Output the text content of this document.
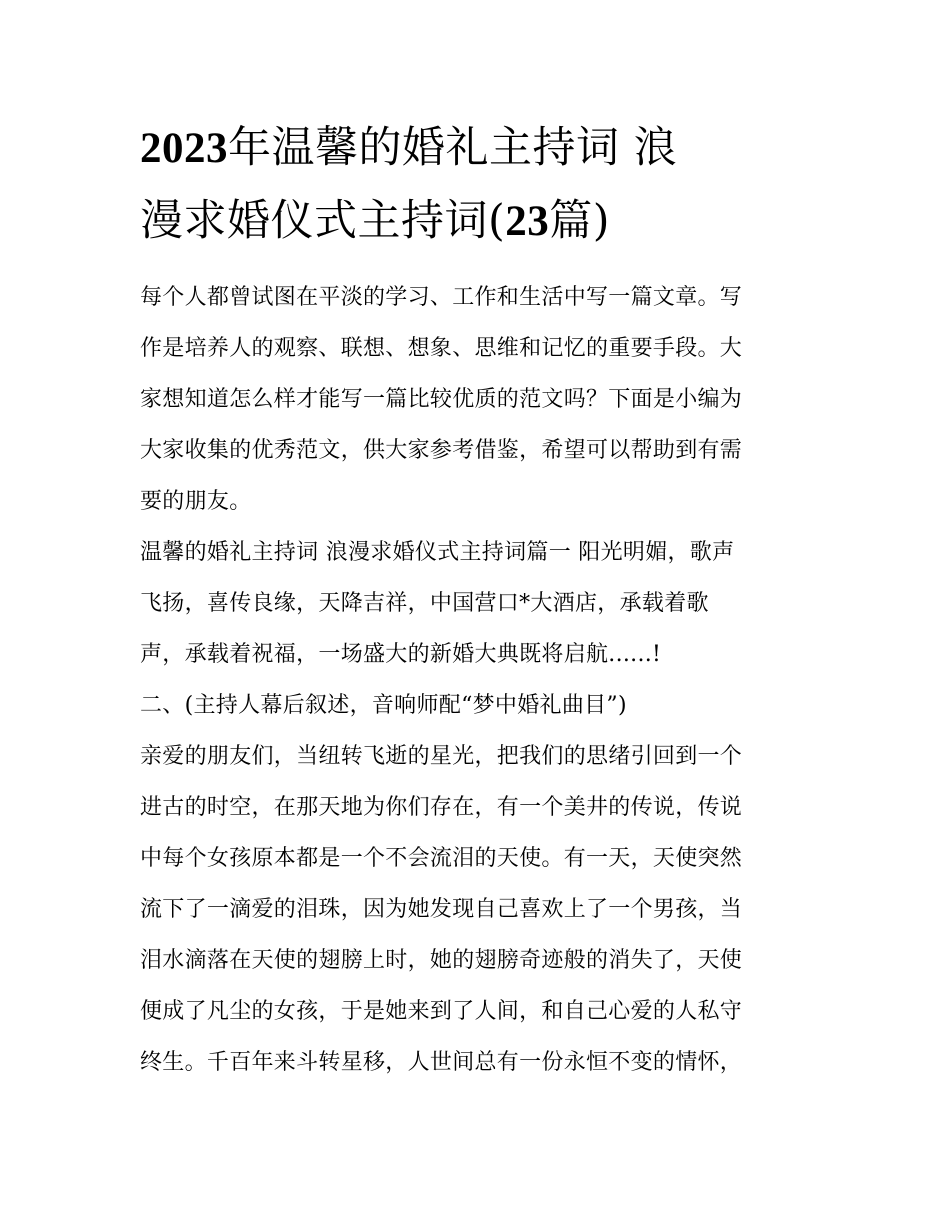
2023年温馨的婚礼主持词 浪
漫求婚仪式主持词(23篇)
每个人都曾试图在平淡的学习、工作和生活中写一篇文章。写
作是培养人的观察、联想、想象、思维和记忆的重要手段。大
家想知道怎么样才能写一篇比较优质的范文吗？下面是小编为
大家收集的优秀范文，供大家参考借鉴，希望可以帮助到有需
要的朋友。
温馨的婚礼主持词 浪漫求婚仪式主持词篇一 阳光明媚，歌声
飞扬，喜传良缘，天降吉祥，中国营口*大酒店，承载着歌
声，承载着祝福，一场盛大的新婚大典既将启航......!
二、(主持人幕后叙述，音响师配“梦中婚礼曲目”)
亲爱的朋友们，当纽转飞逝的星光，把我们的思绪引回到一个
进古的时空，在那天地为你们存在，有一个美井的传说，传说
中每个女孩原本都是一个不会流泪的天使。有一天，天使突然
流下了一滴爱的泪珠，因为她发现自己喜欢上了一个男孩，当
泪水滴落在天使的翅膀上时，她的翅膀奇迹般的消失了，天使
便成了凡尘的女孩，于是她来到了人间，和自己心爱的人私守
终生。千百年来斗转星移，人世间总有一份永恒不变的情怀，
